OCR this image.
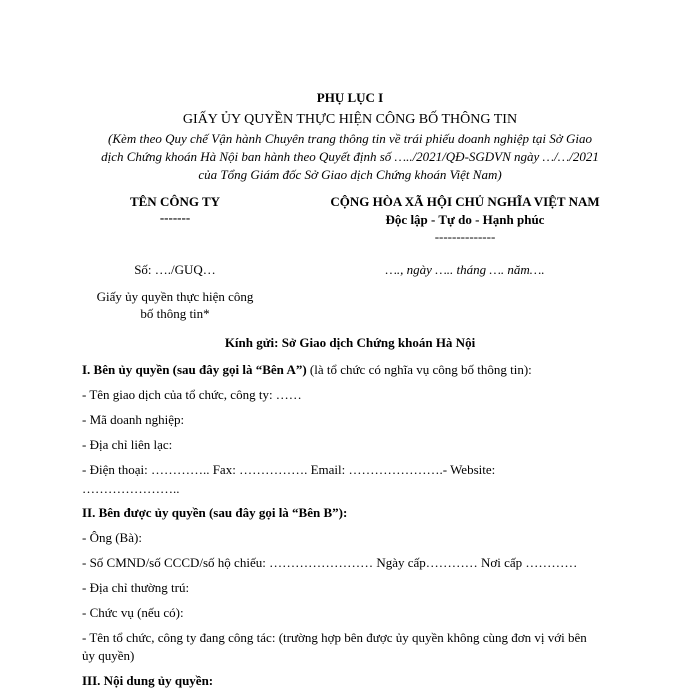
PHỤ LỤC I
GIẤY ỦY QUYỀN THỰC HIỆN CÔNG BỐ THÔNG TIN
(Kèm theo Quy chế Vận hành Chuyên trang thông tin về trái phiếu doanh nghiệp tại Sở Giao
dịch Chứng khoán Hà Nội ban hành theo Quyết định số …../2021/QĐ-SGDVN ngày …/…/2021
của Tổng Giám đốc Sở Giao dịch Chứng khoán Việt Nam)
TÊN CÔNG TY
-------
CỘNG HÒA XÃ HỘI CHỦ NGHĨA VIỆT NAM
Độc lập - Tự do - Hạnh phúc
--------------
Số: …./GUQ…	…., ngày ….. tháng …. năm….
Giấy ủy quyền thực hiện công
bố thông tin*
Kính gửi: Sở Giao dịch Chứng khoán Hà Nội
I. Bên ủy quyền (sau đây gọi là “Bên A”) (là tổ chức có nghĩa vụ công bố thông tin):
- Tên giao dịch của tổ chức, công ty: ……
- Mã doanh nghiệp:
- Địa chỉ liên lạc:
- Điện thoại: ………….. Fax: ……………. Email: ………………….- Website:
…………………..
II. Bên được ủy quyền (sau đây gọi là “Bên B”):
- Ông (Bà):
- Số CMND/số CCCD/số hộ chiếu: …………………… Ngày cấp………… Nơi cấp …………
- Địa chỉ thường trú:
- Chức vụ (nếu có):
- Tên tổ chức, công ty đang công tác: (trường hợp bên được ủy quyền không cùng đơn vị với bên
ủy quyền)
III. Nội dung ủy quyền:
